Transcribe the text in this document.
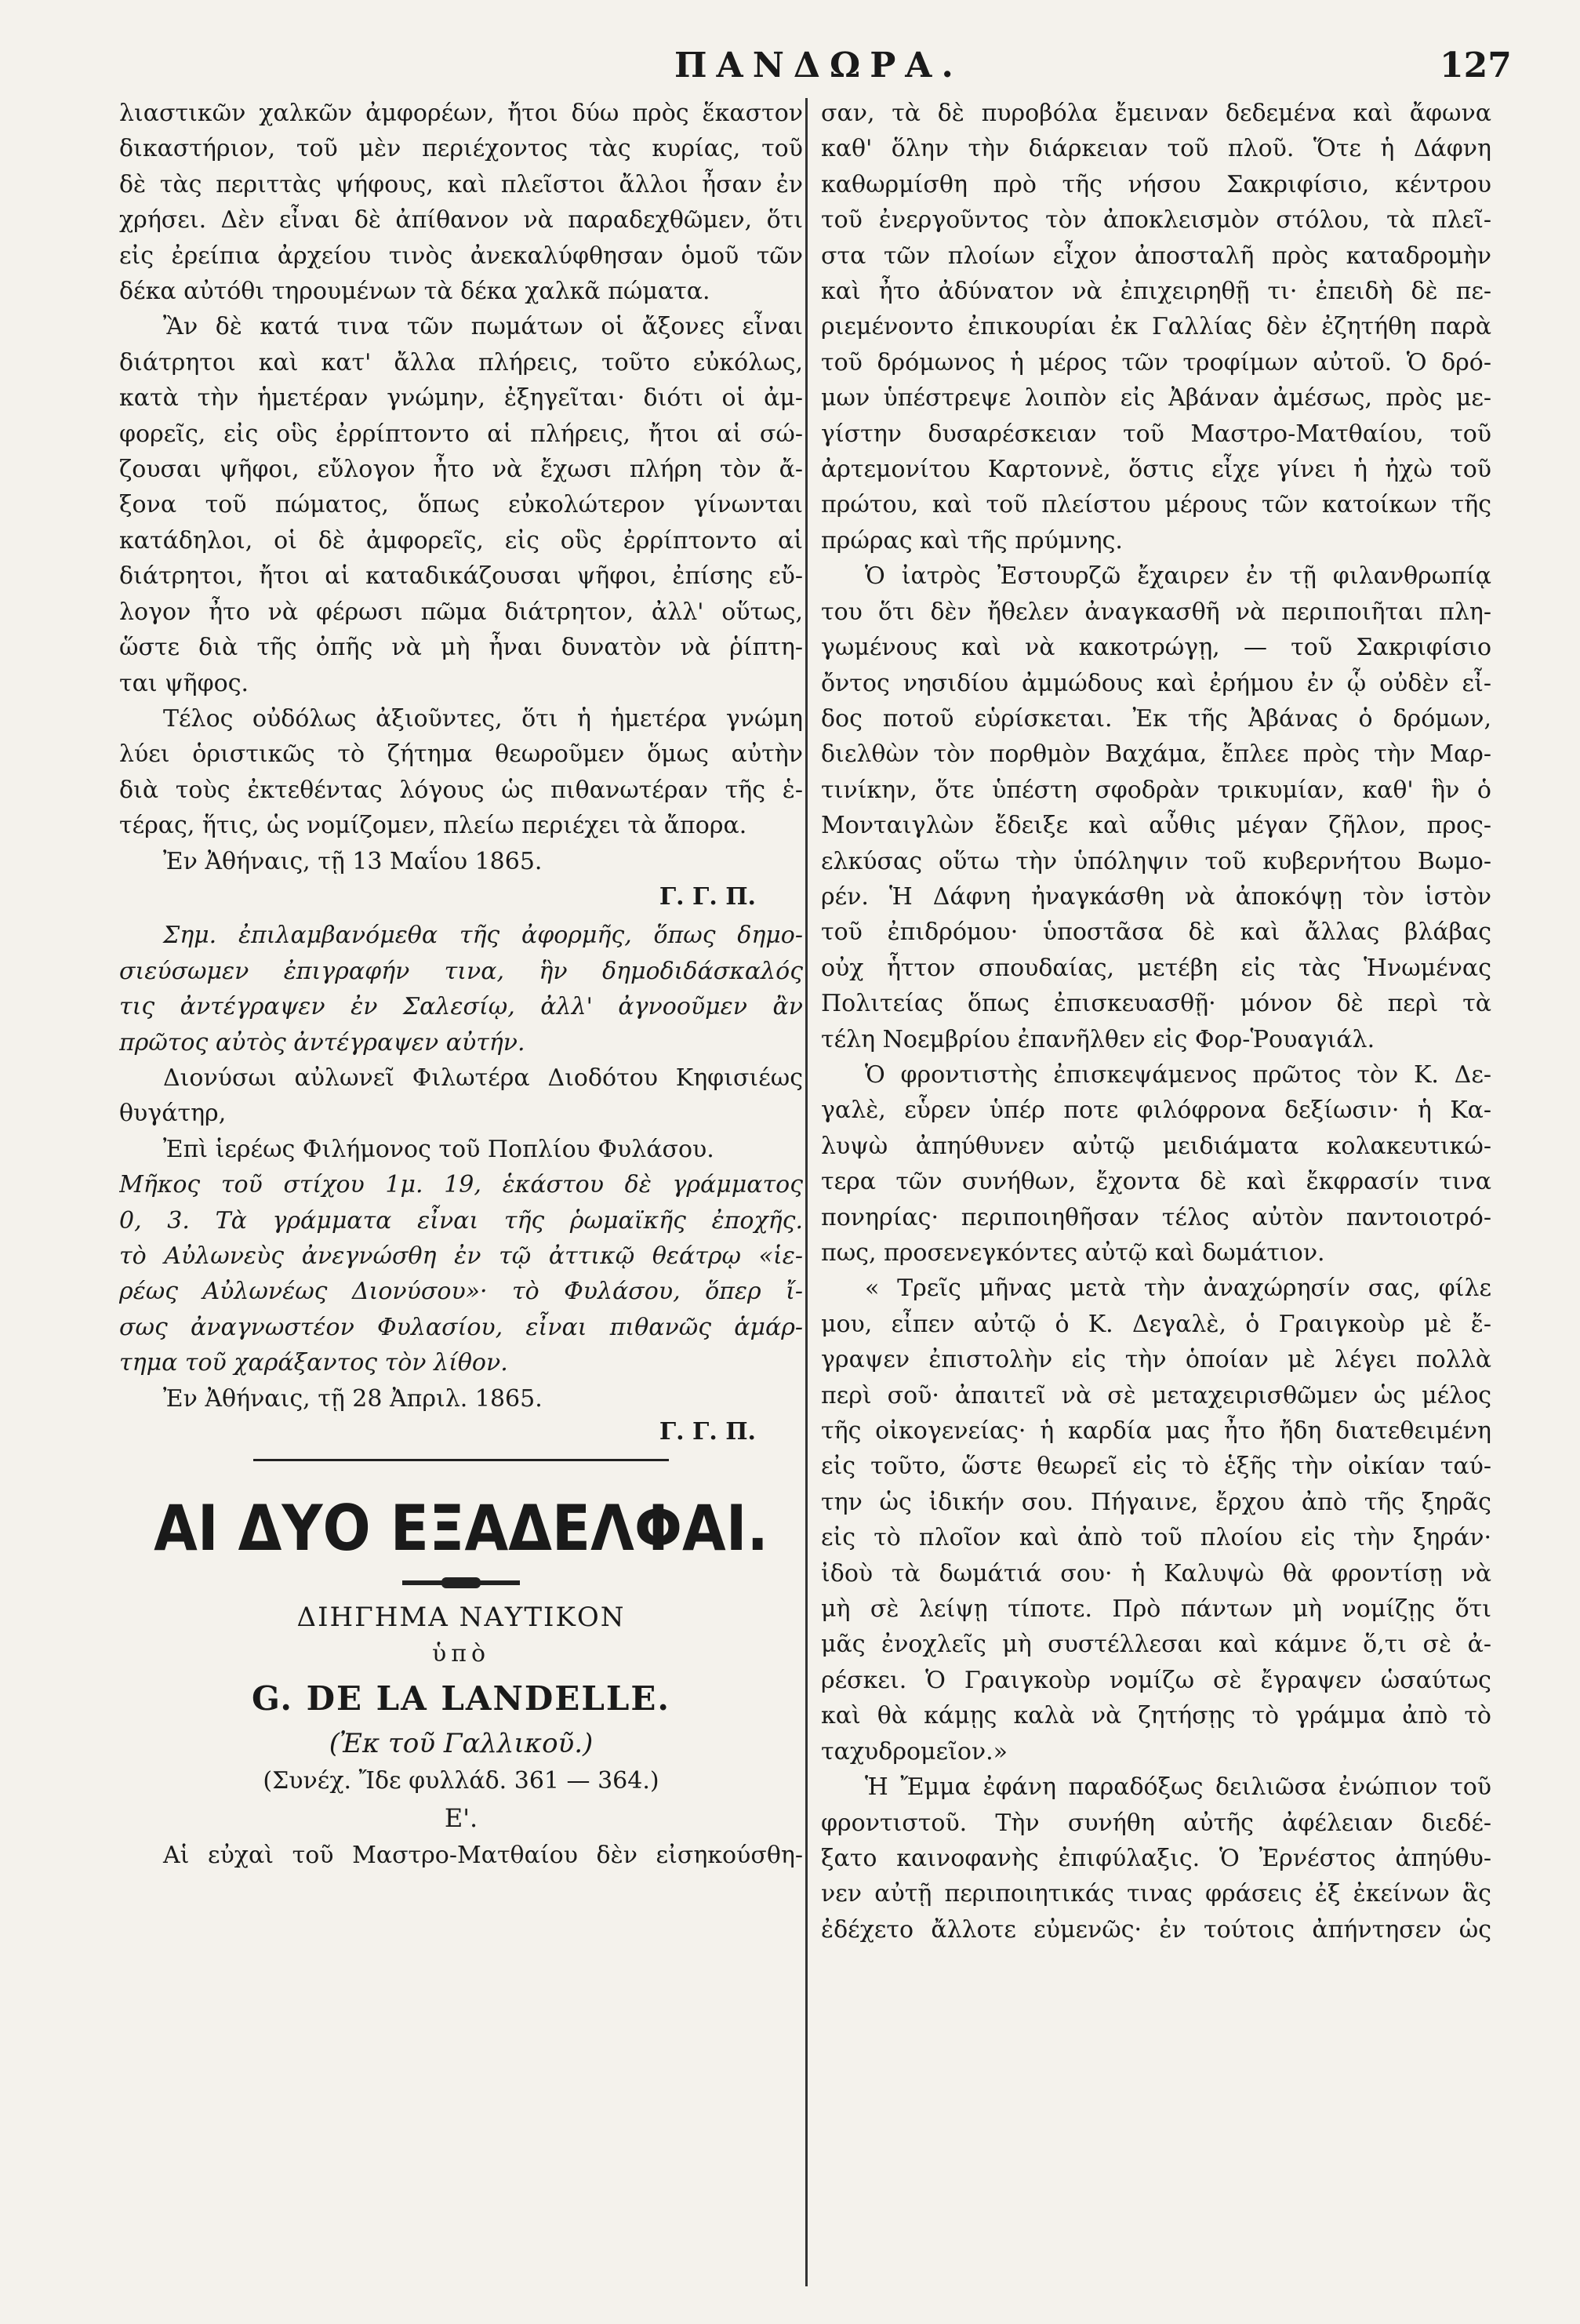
ΠΑΝΔΩΡΑ.	127

λιαστικῶν χαλκῶν ἀμφορέων, ἤτοι δύω πρὸς ἕκαστον

δικαστήριον, τοῦ μὲν περιέχοντος τὰς κυρίας, τοῦ

δὲ τὰς περιττὰς ψήφους, καὶ πλεῖστοι ἄλλοι ἦσαν ἐν

χρήσει. Δὲν εἶναι δὲ ἀπίθανον νὰ παραδεχθῶμεν, ὅτι

εἰς ἐρείπια ἀρχείου τινὸς ἀνεκαλύφθησαν ὁμοῦ τῶν

δέκα αὐτόθι τηρουμένων τὰ δέκα χαλκᾶ πώματα.

Ἂν δὲ κατά τινα τῶν πωμάτων οἱ ἄξονες εἶναι

διάτρητοι καὶ κατ' ἄλλα πλήρεις, τοῦτο εὐκόλως,

κατὰ τὴν ἡμετέραν γνώμην, ἐξηγεῖται· διότι οἱ ἀμ-

φορεῖς, εἰς οὓς ἐρρίπτοντο αἱ πλήρεις, ἤτοι αἱ σώ-

ζουσαι ψῆφοι, εὔλογον ἦτο νὰ ἔχωσι πλήρη τὸν ἄ-

ξονα τοῦ πώματος, ὅπως εὐκολώτερον γίνωνται

κατάδηλοι, οἱ δὲ ἀμφορεῖς, εἰς οὓς ἐρρίπτοντο αἱ

διάτρητοι, ἤτοι αἱ καταδικάζουσαι ψῆφοι, ἐπίσης εὔ-

λογον ἦτο νὰ φέρωσι πῶμα διάτρητον, ἀλλ' οὕτως,

ὥστε διὰ τῆς ὀπῆς νὰ μὴ ἦναι δυνατὸν νὰ ῥίπτη-

ται ψῆφος.

Τέλος οὐδόλως ἀξιοῦντες, ὅτι ἡ ἡμετέρα γνώμη

λύει ὁριστικῶς τὸ ζήτημα θεωροῦμεν ὅμως αὐτὴν

διὰ τοὺς ἐκτεθέντας λόγους ὡς πιθανωτέραν τῆς ἑ-

τέρας, ἥτις, ὡς νομίζομεν, πλείω περιέχει τὰ ἄπορα.

Ἐν Ἀθήναις, τῇ 13 Μαΐου 1865.

Γ. Γ. Π.

Σημ. ἐπιλαμβανόμεθα τῆς ἀφορμῆς, ὅπως δημο-

σιεύσωμεν ἐπιγραφήν τινα, ἣν δημοδιδάσκαλός

τις ἀντέγραψεν ἐν Σαλεσίῳ, ἀλλ' ἀγνοοῦμεν ἂν

πρῶτος αὐτὸς ἀντέγραψεν αὐτήν.

Διονύσωι αὐλωνεῖ Φιλωτέρα Διοδότου Κηφισιέως

θυγάτηρ,

Ἐπὶ ἱερέως Φιλήμονος τοῦ Ποπλίου Φυλάσου.

Μῆκος τοῦ στίχου 1μ. 19, ἑκάστου δὲ γράμματος

0, 3. Τὰ γράμματα εἶναι τῆς ῥωμαϊκῆς ἐποχῆς.

τὸ Αὐλωνεὺς ἀνεγνώσθη ἐν τῷ ἀττικῷ θεάτρῳ «ἱε-

ρέως Αὐλωνέως Διονύσου»· τὸ Φυλάσου, ὅπερ ἴ-

σως ἀναγνωστέον Φυλασίου, εἶναι πιθανῶς ἁμάρ-

τημα τοῦ χαράξαντος τὸν λίθον.

Ἐν Ἀθήναις, τῇ 28 Ἀπριλ. 1865.

Γ. Γ. Π.

ΑΙ ΔΥΟ ΕΞΑΔΕΛΦΑΙ.

ΔΙΗΓΗΜΑ ΝΑΥΤΙΚΟΝ

ὑπὸ

G. DE LA LANDELLE.

(Ἐκ τοῦ Γαλλικοῦ.)

(Συνέχ. Ἴδε φυλλάδ. 361 — 364.)

Ε'.

Αἱ εὐχαὶ τοῦ Μαστρο-Ματθαίου δὲν εἰσηκούσθη-

σαν, τὰ δὲ πυροβόλα ἔμειναν δεδεμένα καὶ ἄφωνα

καθ' ὅλην τὴν διάρκειαν τοῦ πλοῦ. Ὅτε ἡ Δάφνη

καθωρμίσθη πρὸ τῆς νήσου Σακριφίσιο, κέντρου

τοῦ ἐνεργοῦντος τὸν ἀποκλεισμὸν στόλου, τὰ πλεῖ-

στα τῶν πλοίων εἶχον ἀποσταλῆ πρὸς καταδρομὴν

καὶ ἦτο ἀδύνατον νὰ ἐπιχειρηθῇ τι· ἐπειδὴ δὲ πε-

ριεμένοντο ἐπικουρίαι ἐκ Γαλλίας δὲν ἐζητήθη παρὰ

τοῦ δρόμωνος ἡ μέρος τῶν τροφίμων αὐτοῦ. Ὁ δρό-

μων ὑπέστρεψε λοιπὸν εἰς Ἀβάναν ἀμέσως, πρὸς με-

γίστην δυσαρέσκειαν τοῦ Μαστρο-Ματθαίου, τοῦ

ἀρτεμονίτου Καρτοννὲ, ὅστις εἶχε γίνει ἡ ἠχὼ τοῦ

πρώτου, καὶ τοῦ πλείστου μέρους τῶν κατοίκων τῆς

πρώρας καὶ τῆς πρύμνης.

Ὁ ἰατρὸς Ἐστουρζῶ ἔχαιρεν ἐν τῇ φιλανθρωπίᾳ

του ὅτι δὲν ἤθελεν ἀναγκασθῆ νὰ περιποιῆται πλη-

γωμένους καὶ νὰ κακοτρώγῃ, — τοῦ Σακριφίσιο

ὄντος νησιδίου ἀμμώδους καὶ ἐρήμου ἐν ᾧ οὐδὲν εἶ-

δος ποτοῦ εὑρίσκεται. Ἐκ τῆς Ἀβάνας ὁ δρόμων,

διελθὼν τὸν πορθμὸν Βαχάμα, ἔπλεε πρὸς τὴν Μαρ-

τινίκην, ὅτε ὑπέστη σφοδρὰν τρικυμίαν, καθ' ἣν ὁ

Μονταιγλὼν ἔδειξε καὶ αὖθις μέγαν ζῆλον, προς-

ελκύσας οὕτω τὴν ὑπόληψιν τοῦ κυβερνήτου Βωμο-

ρέν. Ἡ Δάφνη ἠναγκάσθη νὰ ἀποκόψῃ τὸν ἱστὸν

τοῦ ἐπιδρόμου· ὑποστᾶσα δὲ καὶ ἄλλας βλάβας

οὐχ ἧττον σπουδαίας, μετέβη εἰς τὰς Ἡνωμένας

Πολιτείας ὅπως ἐπισκευασθῇ· μόνον δὲ περὶ τὰ

τέλη Νοεμβρίου ἐπανῆλθεν εἰς Φορ-Ῥουαγιάλ.

Ὁ φροντιστὴς ἐπισκεψάμενος πρῶτος τὸν Κ. Δε-

γαλὲ, εὗρεν ὑπέρ ποτε φιλόφρονα δεξίωσιν· ἡ Κα-

λυψὼ ἀπηύθυνεν αὐτῷ μειδιάματα κολακευτικώ-

τερα τῶν συνήθων, ἔχοντα δὲ καὶ ἔκφρασίν τινα

πονηρίας· περιποιηθῆσαν τέλος αὐτὸν παντοιοτρό-

πως, προσενεγκόντες αὐτῷ καὶ δωμάτιον.

« Τρεῖς μῆνας μετὰ τὴν ἀναχώρησίν σας, φίλε

μου, εἶπεν αὐτῷ ὁ Κ. Δεγαλὲ, ὁ Γραιγκοὺρ μὲ ἔ-

γραψεν ἐπιστολὴν εἰς τὴν ὁποίαν μὲ λέγει πολλὰ

περὶ σοῦ· ἀπαιτεῖ νὰ σὲ μεταχειρισθῶμεν ὡς μέλος

τῆς οἰκογενείας· ἡ καρδία μας ἦτο ἤδη διατεθειμένη

εἰς τοῦτο, ὥστε θεωρεῖ εἰς τὸ ἑξῆς τὴν οἰκίαν ταύ-

την ὡς ἰδικήν σου. Πήγαινε, ἔρχου ἀπὸ τῆς ξηρᾶς

εἰς τὸ πλοῖον καὶ ἀπὸ τοῦ πλοίου εἰς τὴν ξηράν·

ἰδοὺ τὰ δωμάτιά σου· ἡ Καλυψὼ θὰ φροντίσῃ νὰ

μὴ σὲ λείψῃ τίποτε. Πρὸ πάντων μὴ νομίζῃς ὅτι

μᾶς ἐνοχλεῖς μὴ συστέλλεσαι καὶ κάμνε ὅ,τι σὲ ἀ-

ρέσκει. Ὁ Γραιγκοὺρ νομίζω σὲ ἔγραψεν ὡσαύτως

καὶ θὰ κάμῃς καλὰ νὰ ζητήσῃς τὸ γράμμα ἀπὸ τὸ

ταχυδρομεῖον.»

Ἡ Ἔμμα ἐφάνη παραδόξως δειλιῶσα ἐνώπιον τοῦ

φροντιστοῦ. Τὴν συνήθη αὐτῆς ἀφέλειαν διεδέ-

ξατο καινοφανὴς ἐπιφύλαξις. Ὁ Ἐρνέστος ἀπηύθυ-

νεν αὐτῇ περιποιητικάς τινας φράσεις ἐξ ἐκείνων ἃς

ἐδέχετο ἄλλοτε εὐμενῶς· ἐν τούτοις ἀπήντησεν ὡς
